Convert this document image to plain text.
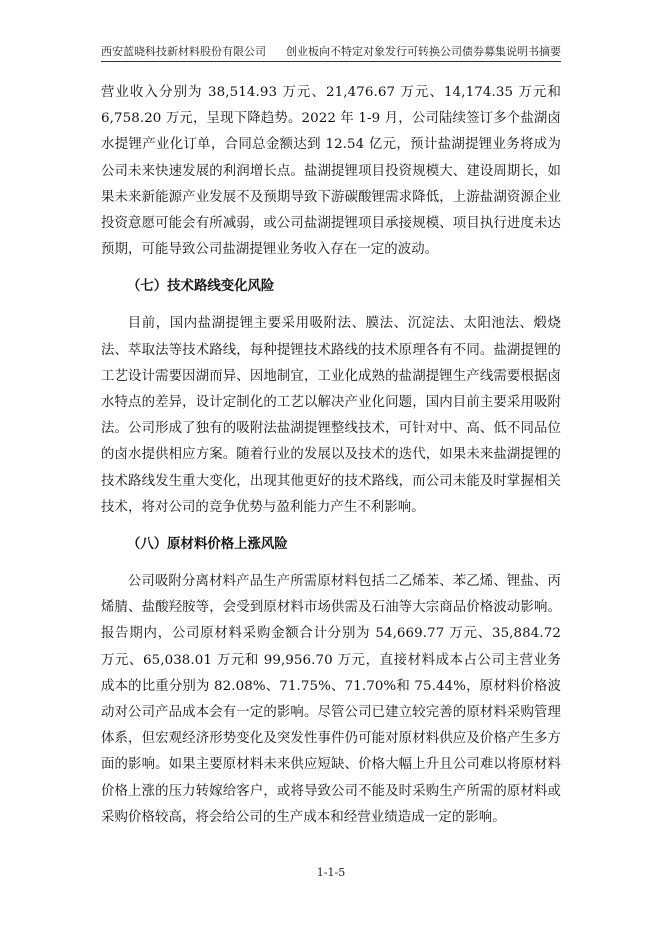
西安蓝晓科技新材料股份有限公司 创业板向不特定对象发行可转换公司债券募集说明书摘要

营业收入分别为 38,514.93 万元、21,476.67 万元、14,174.35 万元和 6,758.20 万元，呈现下降趋势。2022 年 1-9 月，公司陆续签订多个盐湖卤水提锂产业化订单，合同总金额达到 12.54 亿元，预计盐湖提锂业务将成为公司未来快速发展的利润增长点。盐湖提锂项目投资规模大、建设周期长，如果未来新能源产业发展不及预期导致下游碳酸锂需求降低，上游盐湖资源企业投资意愿可能会有所减弱，或公司盐湖提锂项目承接规模、项目执行进度未达预期，可能导致公司盐湖提锂业务收入存在一定的波动。

（七）技术路线变化风险

目前，国内盐湖提锂主要采用吸附法、膜法、沉淀法、太阳池法、煅烧法、萃取法等技术路线，每种提锂技术路线的技术原理各有不同。盐湖提锂的工艺设计需要因湖而异、因地制宜，工业化成熟的盐湖提锂生产线需要根据卤水特点的差异，设计定制化的工艺以解决产业化问题，国内目前主要采用吸附法。公司形成了独有的吸附法盐湖提锂整线技术，可针对中、高、低不同品位的卤水提供相应方案。随着行业的发展以及技术的迭代，如果未来盐湖提锂的技术路线发生重大变化，出现其他更好的技术路线，而公司未能及时掌握相关技术，将对公司的竞争优势与盈利能力产生不利影响。

（八）原材料价格上涨风险

公司吸附分离材料产品生产所需原材料包括二乙烯苯、苯乙烯、锂盐、丙烯腈、盐酸羟胺等，会受到原材料市场供需及石油等大宗商品价格波动影响。报告期内，公司原材料采购金额合计分别为 54,669.77 万元、35,884.72 万元、65,038.01 万元和 99,956.70 万元，直接材料成本占公司主营业务成本的比重分别为 82.08%、71.75%、71.70%和 75.44%，原材料价格波动对公司产品成本会有一定的影响。尽管公司已建立较完善的原材料采购管理体系，但宏观经济形势变化及突发性事件仍可能对原材料供应及价格产生多方面的影响。如果主要原材料未来供应短缺、价格大幅上升且公司难以将原材料价格上涨的压力转嫁给客户，或将导致公司不能及时采购生产所需的原材料或采购价格较高，将会给公司的生产成本和经营业绩造成一定的影响。

1-1-5
